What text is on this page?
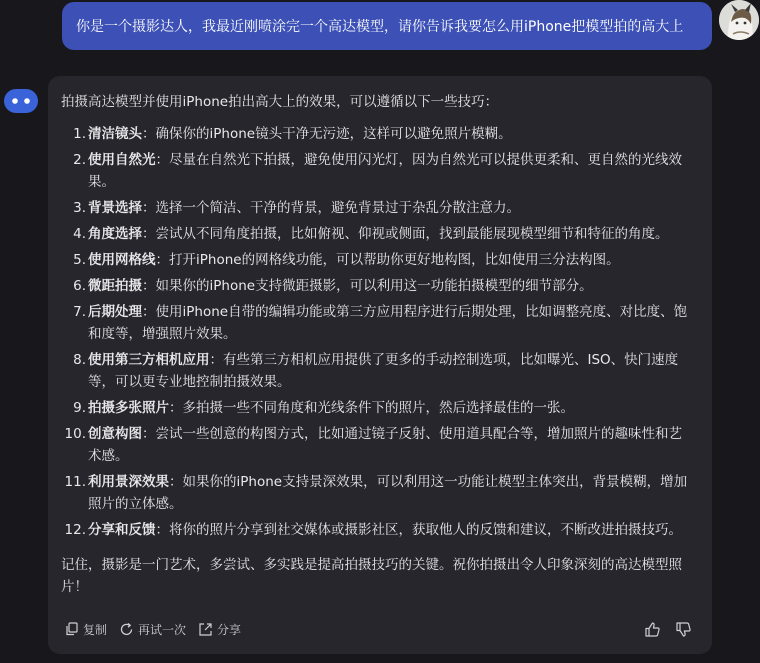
你是一个摄影达人，我最近刚喷涂完一个高达模型，请你告诉我要怎么用iPhone把模型拍的高大上

拍摄高达模型并使用iPhone拍出高大上的效果，可以遵循以下一些技巧：

1. 清洁镜头：确保你的iPhone镜头干净无污迹，这样可以避免照片模糊。
2. 使用自然光：尽量在自然光下拍摄，避免使用闪光灯，因为自然光可以提供更柔和、更自然的光线效果。
3. 背景选择：选择一个简洁、干净的背景，避免背景过于杂乱分散注意力。
4. 角度选择：尝试从不同角度拍摄，比如俯视、仰视或侧面，找到最能展现模型细节和特征的角度。
5. 使用网格线：打开iPhone的网格线功能，可以帮助你更好地构图，比如使用三分法构图。
6. 微距拍摄：如果你的iPhone支持微距摄影，可以利用这一功能拍摄模型的细节部分。
7. 后期处理：使用iPhone自带的编辑功能或第三方应用程序进行后期处理，比如调整亮度、对比度、饱和度等，增强照片效果。
8. 使用第三方相机应用：有些第三方相机应用提供了更多的手动控制选项，比如曝光、ISO、快门速度等，可以更专业地控制拍摄效果。
9. 拍摄多张照片：多拍摄一些不同角度和光线条件下的照片，然后选择最佳的一张。
10. 创意构图：尝试一些创意的构图方式，比如通过镜子反射、使用道具配合等，增加照片的趣味性和艺术感。
11. 利用景深效果：如果你的iPhone支持景深效果，可以利用这一功能让模型主体突出，背景模糊，增加照片的立体感。
12. 分享和反馈：将你的照片分享到社交媒体或摄影社区，获取他人的反馈和建议，不断改进拍摄技巧。

记住，摄影是一门艺术，多尝试、多实践是提高拍摄技巧的关键。祝你拍摄出令人印象深刻的高达模型照片！

复制	再试一次	分享
